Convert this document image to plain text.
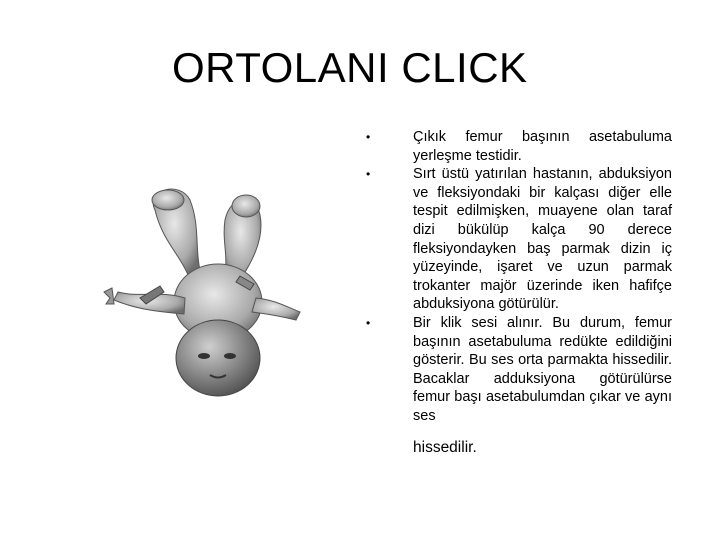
ORTOLANI CLICK
•	Çıkık femur başının asetabuluma yerleşme testidir.
•	Sırt üstü yatırılan hastanın, abduksiyon ve fleksiyondaki bir kalçası diğer elle tespit edilmişken, muayene olan taraf dizi bükülüp kalça 90 derece fleksiyondayken baş parmak dizin iç yüzeyinde, işaret ve uzun parmak trokanter majör üzerinde iken hafifçe abduksiyona götürülür.
•	Bir klik sesi alınır. Bu durum, femur başının asetabuluma redükte edildiğini gösterir. Bu ses orta parmakta hissedilir. Bacaklar adduksiyona götürülürse femur başı asetabulumdan çıkar ve aynı ses
hissedilir.
